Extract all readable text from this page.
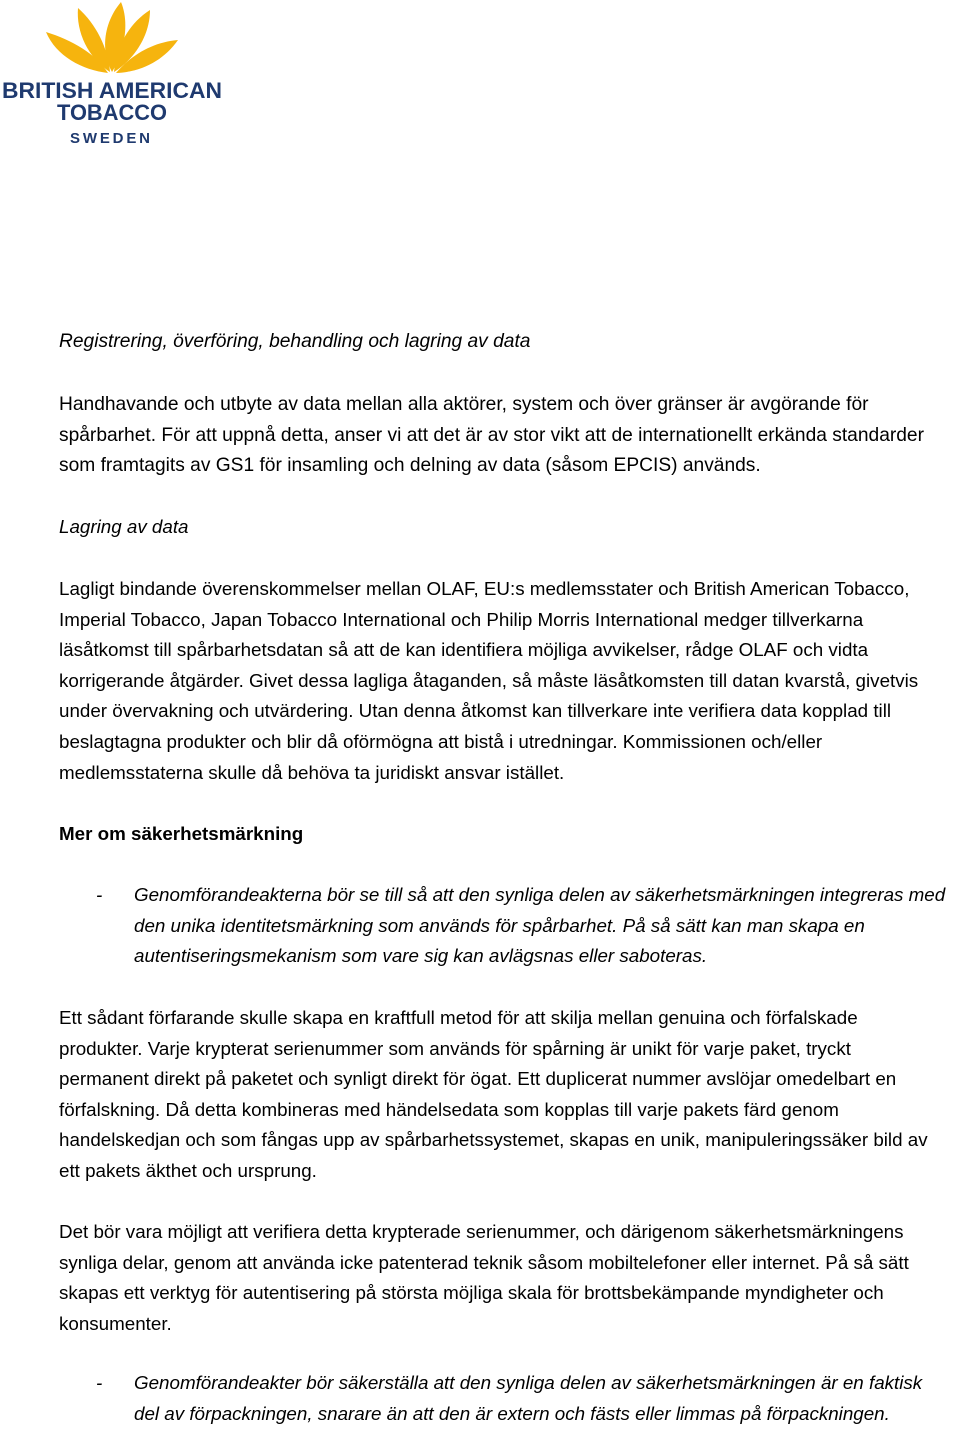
BRITISH AMERICAN
TOBACCO
SWEDEN
Registrering, överföring, behandling och lagring av data
Handhavande och utbyte av data mellan alla aktörer, system och över gränser är avgörande för
spårbarhet. För att uppnå detta, anser vi att det är av stor vikt att de internationellt erkända standarder
som framtagits av GS1 för insamling och delning av data (såsom EPCIS) används.
Lagring av data
Lagligt bindande överenskommelser mellan OLAF, EU:s medlemsstater och British American Tobacco,
Imperial Tobacco, Japan Tobacco International och Philip Morris International medger tillverkarna
läsåtkomst till spårbarhetsdatan så att de kan identifiera möjliga avvikelser, rådge OLAF och vidta
korrigerande åtgärder. Givet dessa lagliga åtaganden, så måste läsåtkomsten till datan kvarstå, givetvis
under övervakning och utvärdering. Utan denna åtkomst kan tillverkare inte verifiera data kopplad till
beslagtagna produkter och blir då oförmögna att bistå i utredningar. Kommissionen och/eller
medlemsstaterna skulle då behöva ta juridiskt ansvar istället.
Mer om säkerhetsmärkning
- Genomförandeakterna bör se till så att den synliga delen av säkerhetsmärkningen integreras med
den unika identitetsmärkning som används för spårbarhet. På så sätt kan man skapa en
autentiseringsmekanism som vare sig kan avlägsnas eller saboteras.
Ett sådant förfarande skulle skapa en kraftfull metod för att skilja mellan genuina och förfalskade
produkter. Varje krypterat serienummer som används för spårning är unikt för varje paket, tryckt
permanent direkt på paketet och synligt direkt för ögat. Ett duplicerat nummer avslöjar omedelbart en
förfalskning. Då detta kombineras med händelsedata som kopplas till varje pakets färd genom
handelskedjan och som fångas upp av spårbarhetssystemet, skapas en unik, manipuleringssäker bild av
ett pakets äkthet och ursprung.
Det bör vara möjligt att verifiera detta krypterade serienummer, och därigenom säkerhetsmärkningens
synliga delar, genom att använda icke patenterad teknik såsom mobiltelefoner eller internet. På så sätt
skapas ett verktyg för autentisering på största möjliga skala för brottsbekämpande myndigheter och
konsumenter.
- Genomförandeakter bör säkerställa att den synliga delen av säkerhetsmärkningen är en faktisk
del av förpackningen, snarare än att den är extern och fästs eller limmas på förpackningen.
